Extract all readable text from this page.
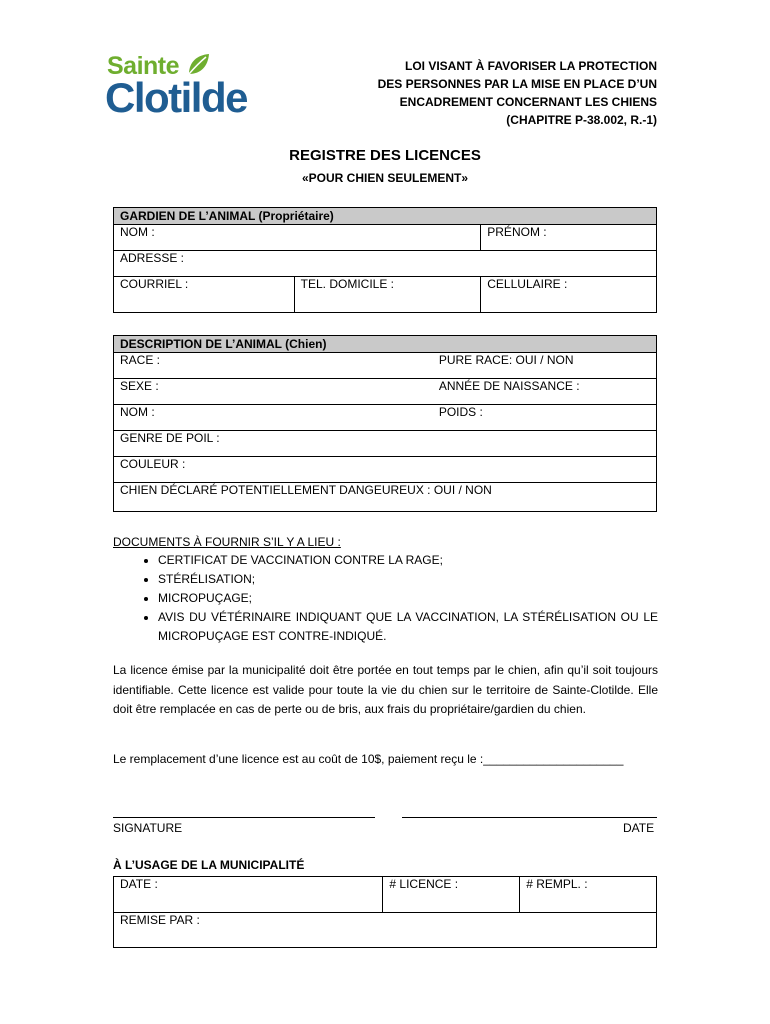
Sainte
Clotilde
LOI VISANT À FAVORISER LA PROTECTION
DES PERSONNES PAR LA MISE EN PLACE D’UN
ENCADREMENT CONCERNANT LES CHIENS
(CHAPITRE P-38.002, R.-1)
REGISTRE DES LICENCES
«POUR CHIEN SEULEMENT»
GARDIEN DE L’ANIMAL (Propriétaire)		
NOM :		PRÉNOM :
ADRESSE :		
COURRIEL :	TEL. DOMICILE :	CELLULAIRE :
DESCRIPTION DE L’ANIMAL (Chien)	
RACE :	PURE RACE: OUI / NON
SEXE :	ANNÉE DE NAISSANCE :
NOM :	POIDS :
GENRE DE POIL :	
COULEUR :	
CHIEN DÉCLARÉ POTENTIELLEMENT DANGEUREUX : OUI / NON	
DOCUMENTS À FOURNIR S’IL Y A LIEU :
• CERTIFICAT DE VACCINATION CONTRE LA RAGE;
• STÉRÉLISATION;
• MICROPUÇAGE;
• AVIS DU VÉTÉRINAIRE INDIQUANT QUE LA VACCINATION, LA STÉRÉLISATION OU LE MICROPUÇAGE EST CONTRE-INDIQUÉ.
La licence émise par la municipalité doit être portée en tout temps par le chien, afin qu’il soit toujours identifiable. Cette licence est valide pour toute la vie du chien sur le territoire de Sainte-Clotilde. Elle doit être remplacée en cas de perte ou de bris, aux frais du propriétaire/gardien du chien.
Le remplacement d’une licence est au coût de 10$, paiement reçu le :_____________________
SIGNATURE	DATE
À L’USAGE DE LA MUNICIPALITÉ
DATE :	# LICENCE :	# REMPL. :
REMISE PAR :
